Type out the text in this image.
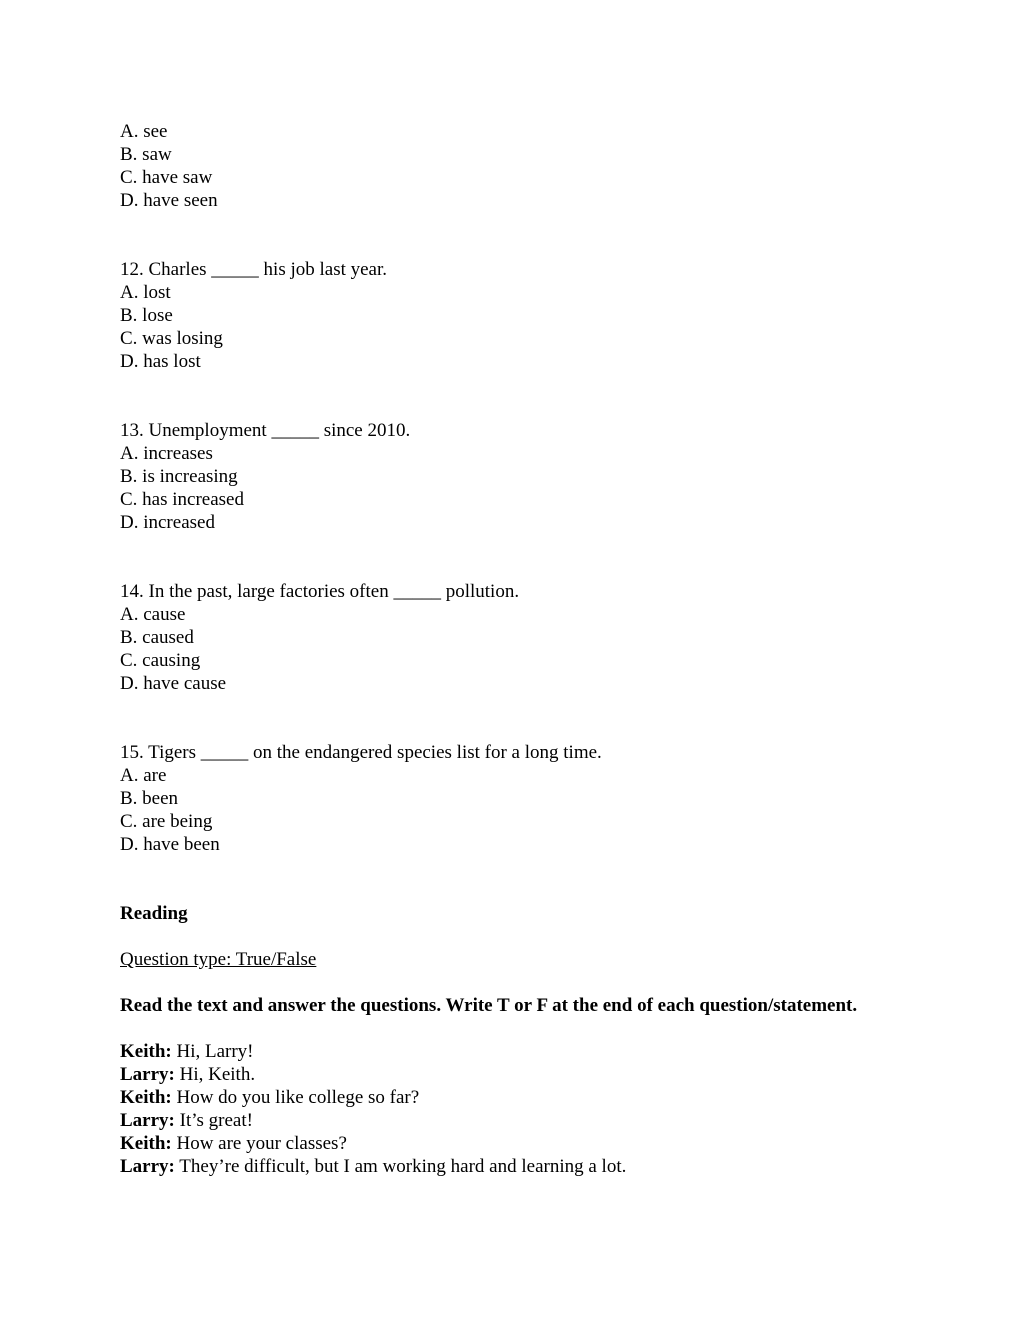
A. see
B. saw
C. have saw
D. have seen
12. Charles _____ his job last year.
A. lost
B. lose
C. was losing
D. has lost
13. Unemployment _____ since 2010.
A. increases
B. is increasing
C. has increased
D. increased
14. In the past, large factories often _____ pollution.
A. cause
B. caused
C. causing
D. have cause
15. Tigers _____ on the endangered species list for a long time.
A. are
B. been
C. are being
D. have been
Reading
Question type: True/False
Read the text and answer the questions. Write T or F at the end of each question/statement.
Keith: Hi, Larry!
Larry: Hi, Keith.
Keith: How do you like college so far?
Larry: It’s great!
Keith: How are your classes?
Larry: They’re difficult, but I am working hard and learning a lot.
